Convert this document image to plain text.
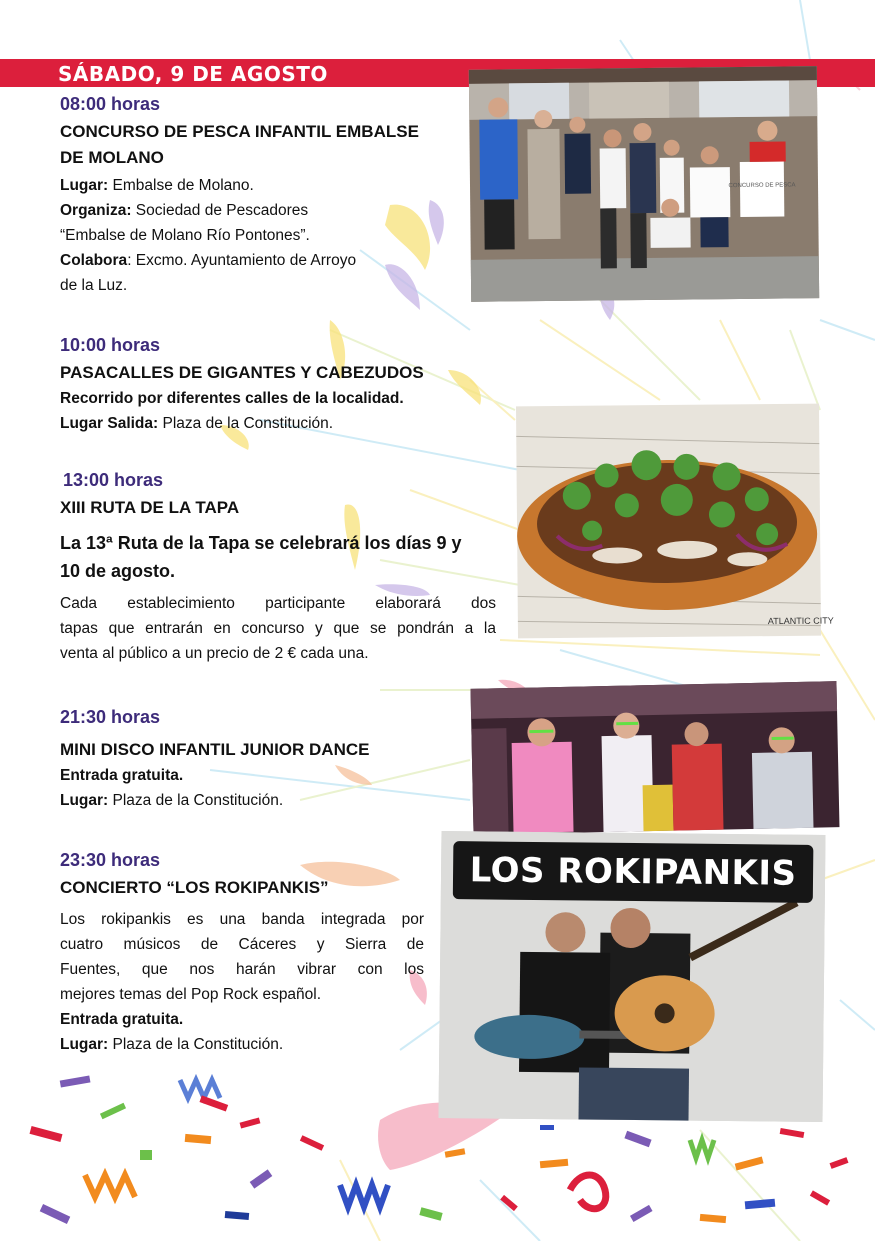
SÁBADO, 9 DE AGOSTO
08:00 horas
CONCURSO DE PESCA INFANTIL EMBALSE
DE MOLANO
Lugar: Embalse de Molano.
Organiza: Sociedad de Pescadores
“Embalse de Molano Río Pontones”.
Colabora: Excmo. Ayuntamiento de Arroyo
de la Luz.
10:00 horas
PASACALLES DE GIGANTES Y CABEZUDOS
Recorrido por diferentes calles de la localidad.
Lugar Salida: Plaza de la Constitución.
13:00 horas
XIII RUTA DE LA TAPA
La 13ª Ruta de la Tapa se celebrará los días 9 y
10 de agosto.
Cada establecimiento participante elaborará dos
tapas que entrarán en concurso y que se pondrán a la
venta al público a un precio de 2 € cada una.
21:30 horas
MINI DISCO INFANTIL JUNIOR DANCE
Entrada gratuita.
Lugar: Plaza de la Constitución.
23:30 horas
CONCIERTO “LOS ROKIPANKIS”
Los rokipankis es una banda integrada por
cuatro músicos de Cáceres y Sierra de
Fuentes, que nos harán vibrar con los
mejores temas del Pop Rock español.
Entrada gratuita.
Lugar: Plaza de la Constitución.
CONCURSO DE PESCA
ATLANTIC CITY
LOS ROKIPANKIS
